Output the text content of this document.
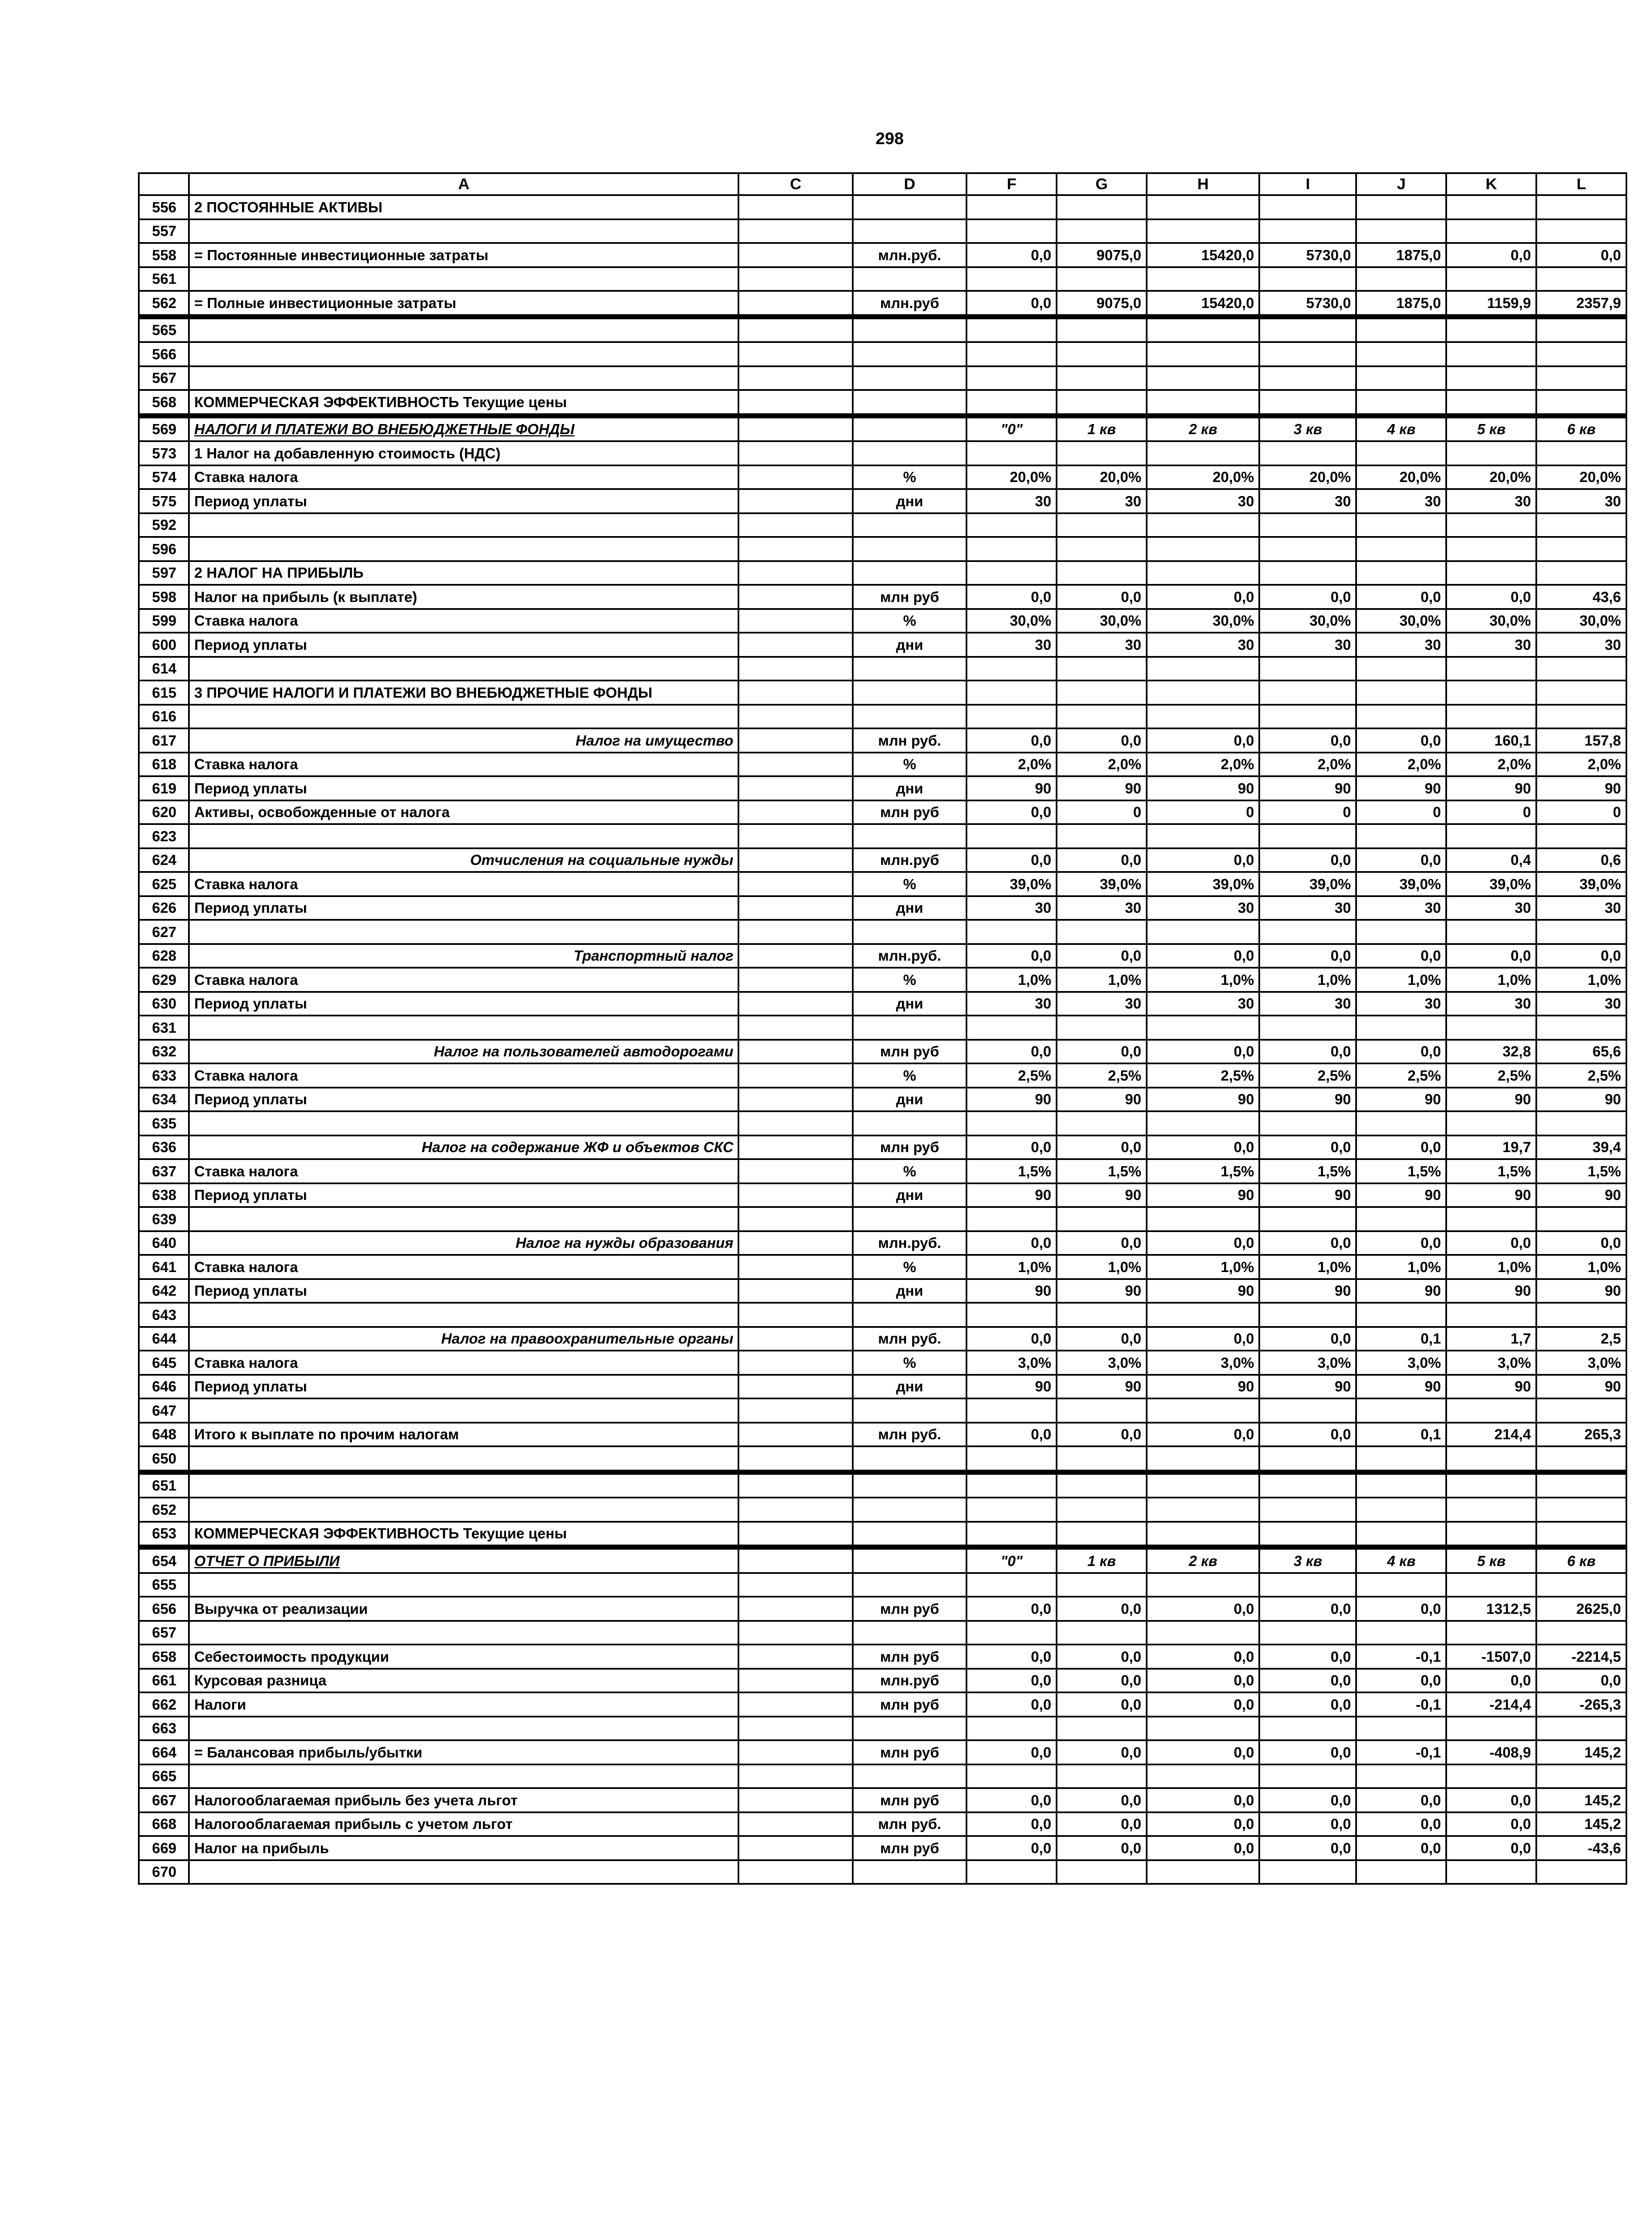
298
	A	C	D	F	G	H	I	J	K	L
556	2 ПОСТОЯННЫЕ АКТИВЫ									
557										
558	= Постоянные инвестиционные затраты		млн.руб.	0,0	9075,0	15420,0	5730,0	1875,0	0,0	0,0
561										
562	= Полные инвестиционные затраты		млн.руб	0,0	9075,0	15420,0	5730,0	1875,0	1159,9	2357,9
565										
566										
567										
568	КОММЕРЧЕСКАЯ ЭФФЕКТИВНОСТЬ Текущие цены									
569	НАЛОГИ И ПЛАТЕЖИ ВО ВНЕБЮДЖЕТНЫЕ ФОНДЫ			"0"	1 кв	2 кв	3 кв	4 кв	5 кв	6 кв
573	1 Налог на добавленную стоимость (НДС)									
574	Ставка налога		%	20,0%	20,0%	20,0%	20,0%	20,0%	20,0%	20,0%
575	Период уплаты		дни	30	30	30	30	30	30	30
592										
596										
597	2 НАЛОГ НА ПРИБЫЛЬ									
598	Налог на прибыль (к выплате)		млн руб	0,0	0,0	0,0	0,0	0,0	0,0	43,6
599	Ставка налога		%	30,0%	30,0%	30,0%	30,0%	30,0%	30,0%	30,0%
600	Период уплаты		дни	30	30	30	30	30	30	30
614										
615	3 ПРОЧИЕ НАЛОГИ И ПЛАТЕЖИ ВО ВНЕБЮДЖЕТНЫЕ ФОНДЫ									
616										
617	Налог на имущество		млн руб.	0,0	0,0	0,0	0,0	0,0	160,1	157,8
618	Ставка налога		%	2,0%	2,0%	2,0%	2,0%	2,0%	2,0%	2,0%
619	Период уплаты		дни	90	90	90	90	90	90	90
620	Активы, освобожденные от налога		млн руб	0,0	0	0	0	0	0	0
623										
624	Отчисления на социальные нужды		млн.руб	0,0	0,0	0,0	0,0	0,0	0,4	0,6
625	Ставка налога		%	39,0%	39,0%	39,0%	39,0%	39,0%	39,0%	39,0%
626	Период уплаты		дни	30	30	30	30	30	30	30
627										
628	Транспортный налог		млн.руб.	0,0	0,0	0,0	0,0	0,0	0,0	0,0
629	Ставка налога		%	1,0%	1,0%	1,0%	1,0%	1,0%	1,0%	1,0%
630	Период уплаты		дни	30	30	30	30	30	30	30
631										
632	Налог на пользователей автодорогами		млн руб	0,0	0,0	0,0	0,0	0,0	32,8	65,6
633	Ставка налога		%	2,5%	2,5%	2,5%	2,5%	2,5%	2,5%	2,5%
634	Период уплаты		дни	90	90	90	90	90	90	90
635										
636	Налог на содержание ЖФ и объектов СКС		млн руб	0,0	0,0	0,0	0,0	0,0	19,7	39,4
637	Ставка налога		%	1,5%	1,5%	1,5%	1,5%	1,5%	1,5%	1,5%
638	Период уплаты		дни	90	90	90	90	90	90	90
639										
640	Налог на нужды образования		млн.руб.	0,0	0,0	0,0	0,0	0,0	0,0	0,0
641	Ставка налога		%	1,0%	1,0%	1,0%	1,0%	1,0%	1,0%	1,0%
642	Период уплаты		дни	90	90	90	90	90	90	90
643										
644	Налог на правоохранительные органы		млн руб.	0,0	0,0	0,0	0,0	0,1	1,7	2,5
645	Ставка налога		%	3,0%	3,0%	3,0%	3,0%	3,0%	3,0%	3,0%
646	Период уплаты		дни	90	90	90	90	90	90	90
647										
648	Итого к выплате по прочим налогам		млн руб.	0,0	0,0	0,0	0,0	0,1	214,4	265,3
650										
651										
652										
653	КОММЕРЧЕСКАЯ ЭФФЕКТИВНОСТЬ Текущие цены									
654	ОТЧЕТ О ПРИБЫЛИ			"0"	1 кв	2 кв	3 кв	4 кв	5 кв	6 кв
655										
656	Выручка от реализации		млн руб	0,0	0,0	0,0	0,0	0,0	1312,5	2625,0
657										
658	Себестоимость продукции		млн руб	0,0	0,0	0,0	0,0	-0,1	-1507,0	-2214,5
661	Курсовая разница		млн.руб	0,0	0,0	0,0	0,0	0,0	0,0	0,0
662	Налоги		млн руб	0,0	0,0	0,0	0,0	-0,1	-214,4	-265,3
663										
664	= Балансовая прибыль/убытки		млн руб	0,0	0,0	0,0	0,0	-0,1	-408,9	145,2
665										
667	Налогооблагаемая прибыль без учета льгот		млн руб	0,0	0,0	0,0	0,0	0,0	0,0	145,2
668	Налогооблагаемая прибыль с учетом льгот		млн руб.	0,0	0,0	0,0	0,0	0,0	0,0	145,2
669	Налог на прибыль		млн руб	0,0	0,0	0,0	0,0	0,0	0,0	-43,6
670										
